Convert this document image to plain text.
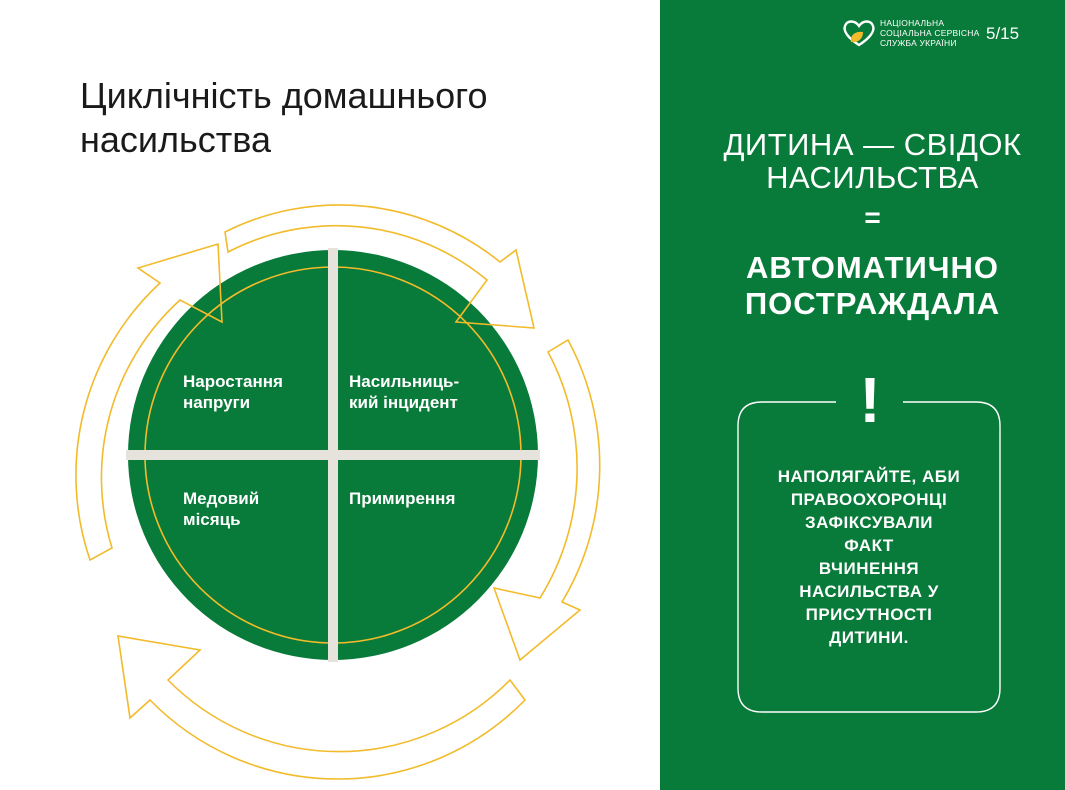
Циклічність домашнього
насильства

Наростання
напруги

Насильниць-
кий інцидент

Медовий
місяць

Примирення

НАЦІОНАЛЬНА
СОЦІАЛЬНА СЕРВІСНА
СЛУЖБА УКРАЇНИ	5/15
ДИТИНА — СВІДОК
НАСИЛЬСТВА
=
АВТОМАТИЧНО
ПОСТРАЖДАЛА
!

НАПОЛЯГАЙТЕ, АБИ
ПРАВООХОРОНЦІ
ЗАФІКСУВАЛИ
ФАКТ
ВЧИНЕННЯ
НАСИЛЬСТВА У
ПРИСУТНОСТІ
ДИТИНИ.
